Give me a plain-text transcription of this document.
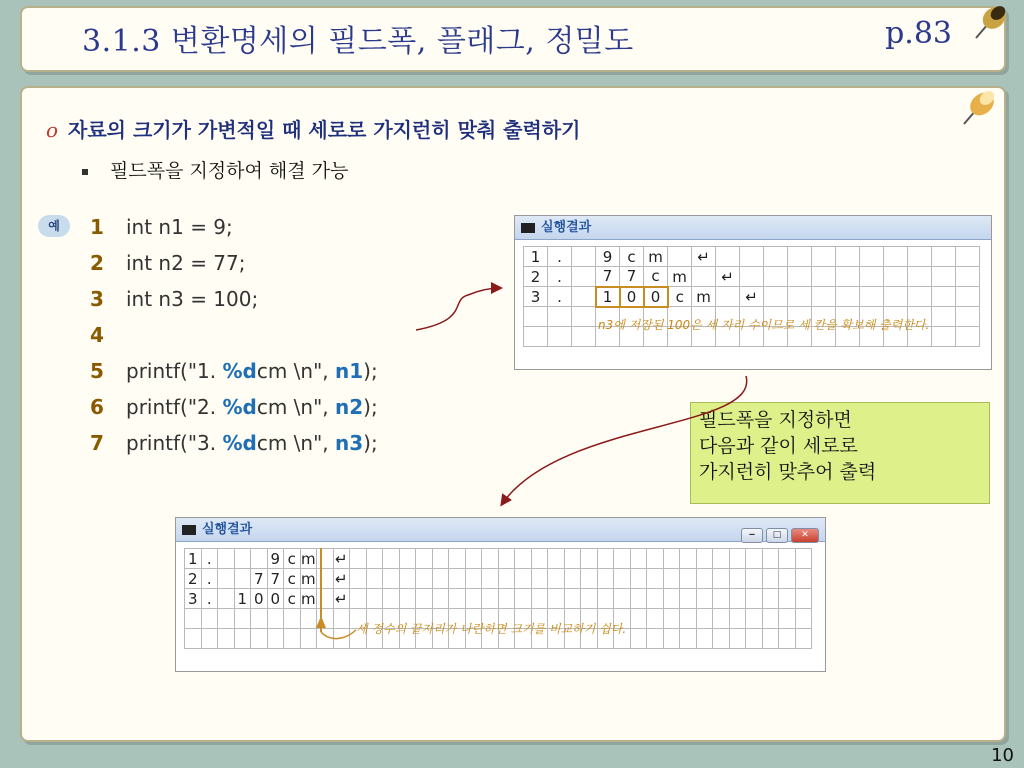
3.1.3 변환명세의 필드폭, 플래그, 정밀도	p.83
o 자료의 크기가 가변적일 때 세로로 가지런히 맞춰 출력하기
필드폭을 지정하여 해결 가능
예	1 int n1 = 9;
2 int n2 = 77;
3 int n3 = 100;
4
5 printf("1. %dcm \n", n1);
6 printf("2. %dcm \n", n2);
7 printf("3. %dcm \n", n3);
실행결과
1	.		9	c	m		↵											
2	.		7	7	c	m		↵										
3	.		1	0	0	c	m		↵									

n3에 저장된 100은 세 자리 수이므로 세 칸을 확보해 출력한다.
실행결과	‒ □ ✕
1	.				9	c	m		↵																												
2	.			7	7	c	m		↵																												
3	.		1	0	0	c	m		↵																												

세 정수의 끝자리가 나란하면 크기를 비교하기 쉽다.
필드폭을 지정하면
다음과 같이 세로로
가지런히 맞추어 출력
10
